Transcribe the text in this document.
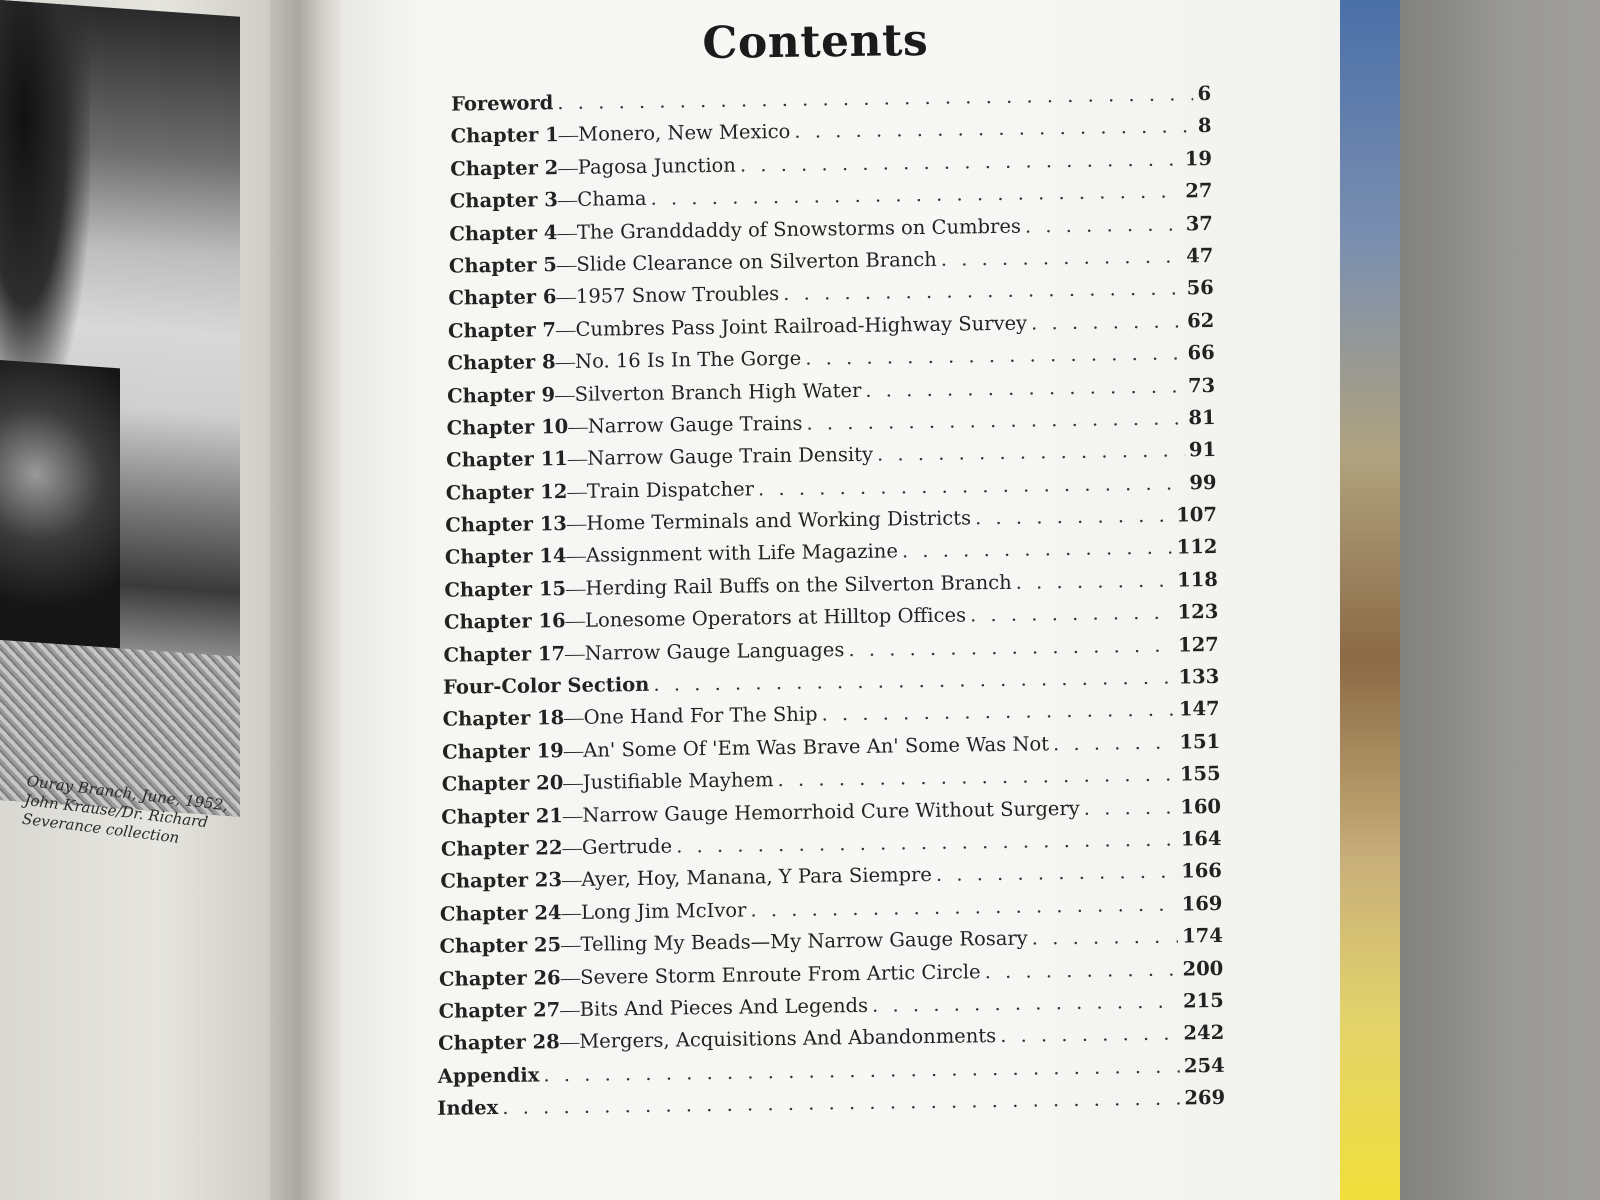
Ouray Branch, June, 1952, John Krause/Dr. Richard Severance collection

Contents
Foreword . . .	6
Chapter 1 — Monero, New Mexico . . .	8
Chapter 2 — Pagosa Junction . . .	19
Chapter 3 — Chama . . .	27
Chapter 4 — The Granddaddy of Snowstorms on Cumbres . . .	37
Chapter 5 — Slide Clearance on Silverton Branch . . .	47
Chapter 6 — 1957 Snow Troubles . . .	56
Chapter 7 — Cumbres Pass Joint Railroad-Highway Survey . . .	62
Chapter 8 — No. 16 Is In The Gorge . . .	66
Chapter 9 — Silverton Branch High Water . . .	73
Chapter 10 — Narrow Gauge Trains . . .	81
Chapter 11 — Narrow Gauge Train Density . . .	91
Chapter 12 — Train Dispatcher . . .	99
Chapter 13 — Home Terminals and Working Districts . . .	107
Chapter 14 — Assignment with Life Magazine . . .	112
Chapter 15 — Herding Rail Buffs on the Silverton Branch . . .	118
Chapter 16 — Lonesome Operators at Hilltop Offices . . .	123
Chapter 17 — Narrow Gauge Languages . . .	127
Four-Color Section . . .	133
Chapter 18 — One Hand For The Ship . . .	147
Chapter 19 — An' Some Of 'Em Was Brave An' Some Was Not . . .	151
Chapter 20 — Justifiable Mayhem . . .	155
Chapter 21 — Narrow Gauge Hemorrhoid Cure Without Surgery . . .	160
Chapter 22 — Gertrude . . .	164
Chapter 23 — Ayer, Hoy, Manana, Y Para Siempre . . .	166
Chapter 24 — Long Jim McIvor . . .	169
Chapter 25 — Telling My Beads—My Narrow Gauge Rosary . . .	174
Chapter 26 — Severe Storm Enroute From Artic Circle . . .	200
Chapter 27 — Bits And Pieces And Legends . . .	215
Chapter 28 — Mergers, Acquisitions And Abandonments . . .	242
Appendix . . .	254
Index . . .	269
